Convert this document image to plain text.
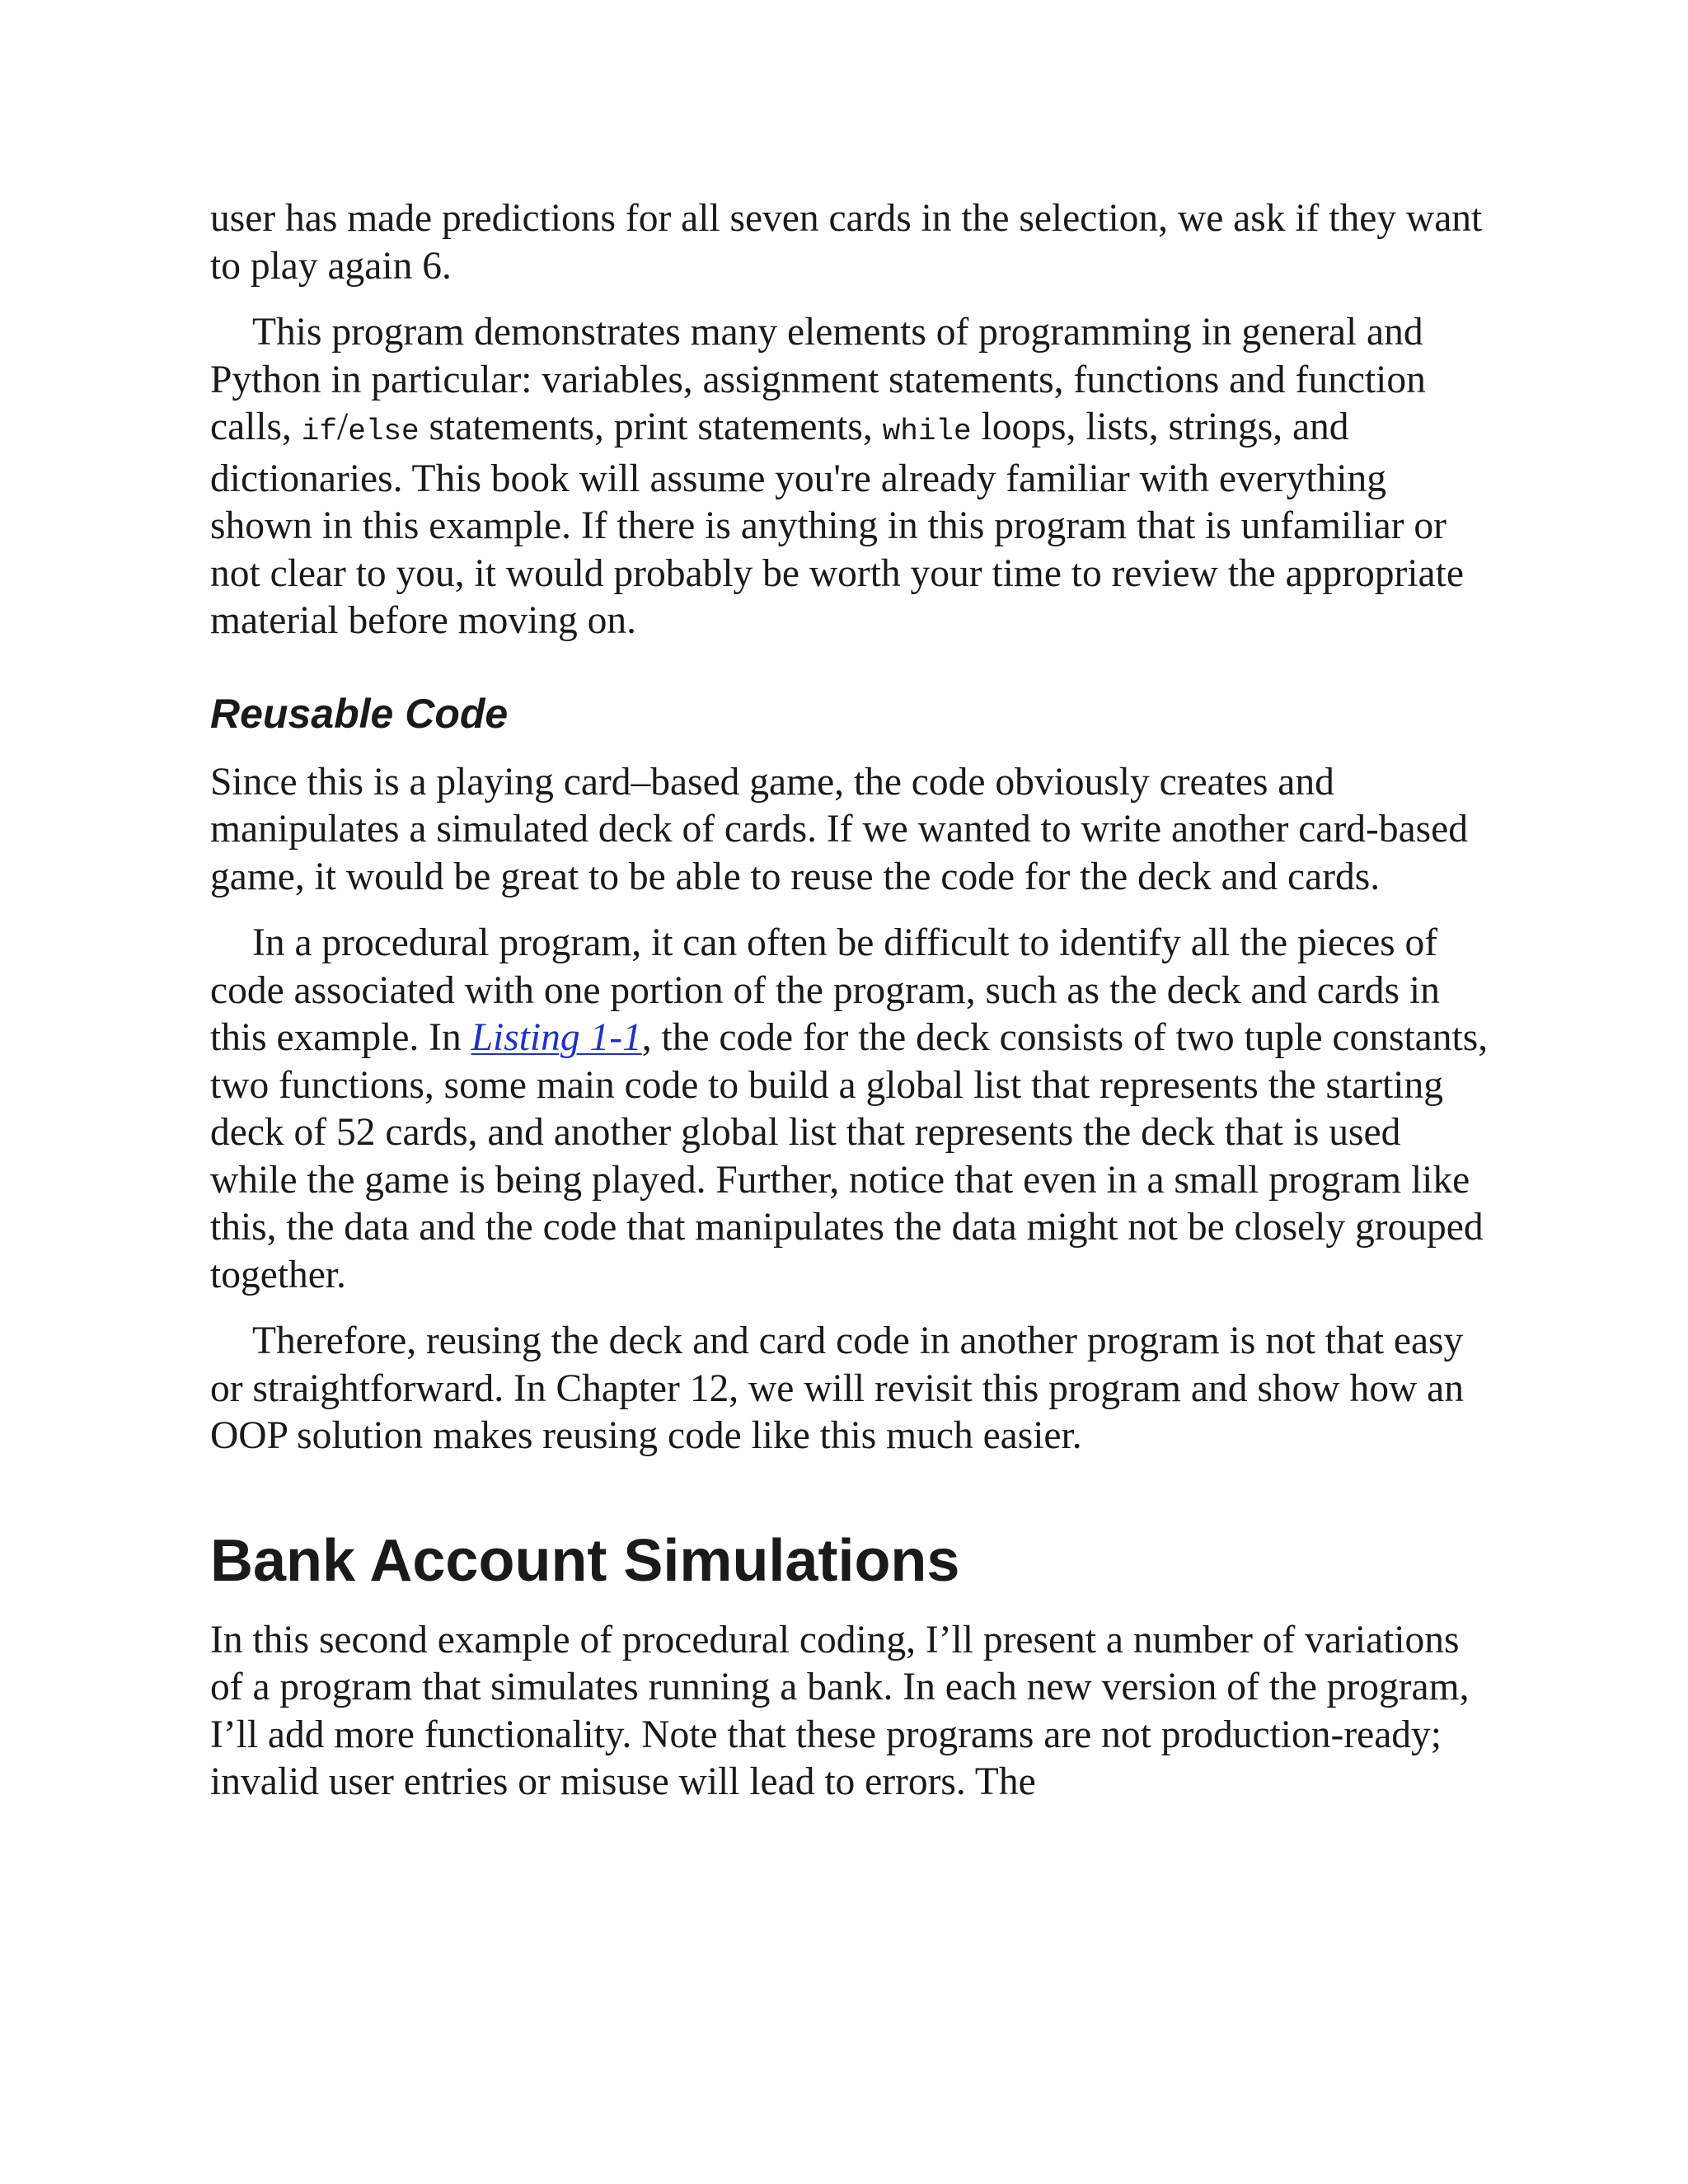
user has made predictions for all seven cards in the selection, we ask if they want to play again 6.

This program demonstrates many elements of programming in general and Python in particular: variables, assignment statements, functions and function calls, if/else statements, print statements, while loops, lists, strings, and dictionaries. This book will assume you're already familiar with everything shown in this example. If there is anything in this program that is unfamiliar or not clear to you, it would probably be worth your time to review the appropriate material before moving on.

Reusable Code

Since this is a playing card–based game, the code obviously creates and manipulates a simulated deck of cards. If we wanted to write another card-based game, it would be great to be able to reuse the code for the deck and cards.

In a procedural program, it can often be difficult to identify all the pieces of code associated with one portion of the program, such as the deck and cards in this example. In Listing 1-1, the code for the deck consists of two tuple constants, two functions, some main code to build a global list that represents the starting deck of 52 cards, and another global list that represents the deck that is used while the game is being played. Further, notice that even in a small program like this, the data and the code that manipulates the data might not be closely grouped together.

Therefore, reusing the deck and card code in another program is not that easy or straightforward. In Chapter 12, we will revisit this program and show how an OOP solution makes reusing code like this much easier.

Bank Account Simulations

In this second example of procedural coding, I’ll present a number of variations of a program that simulates running a bank. In each new version of the program, I’ll add more functionality. Note that these programs are not production-ready; invalid user entries or misuse will lead to errors. The
